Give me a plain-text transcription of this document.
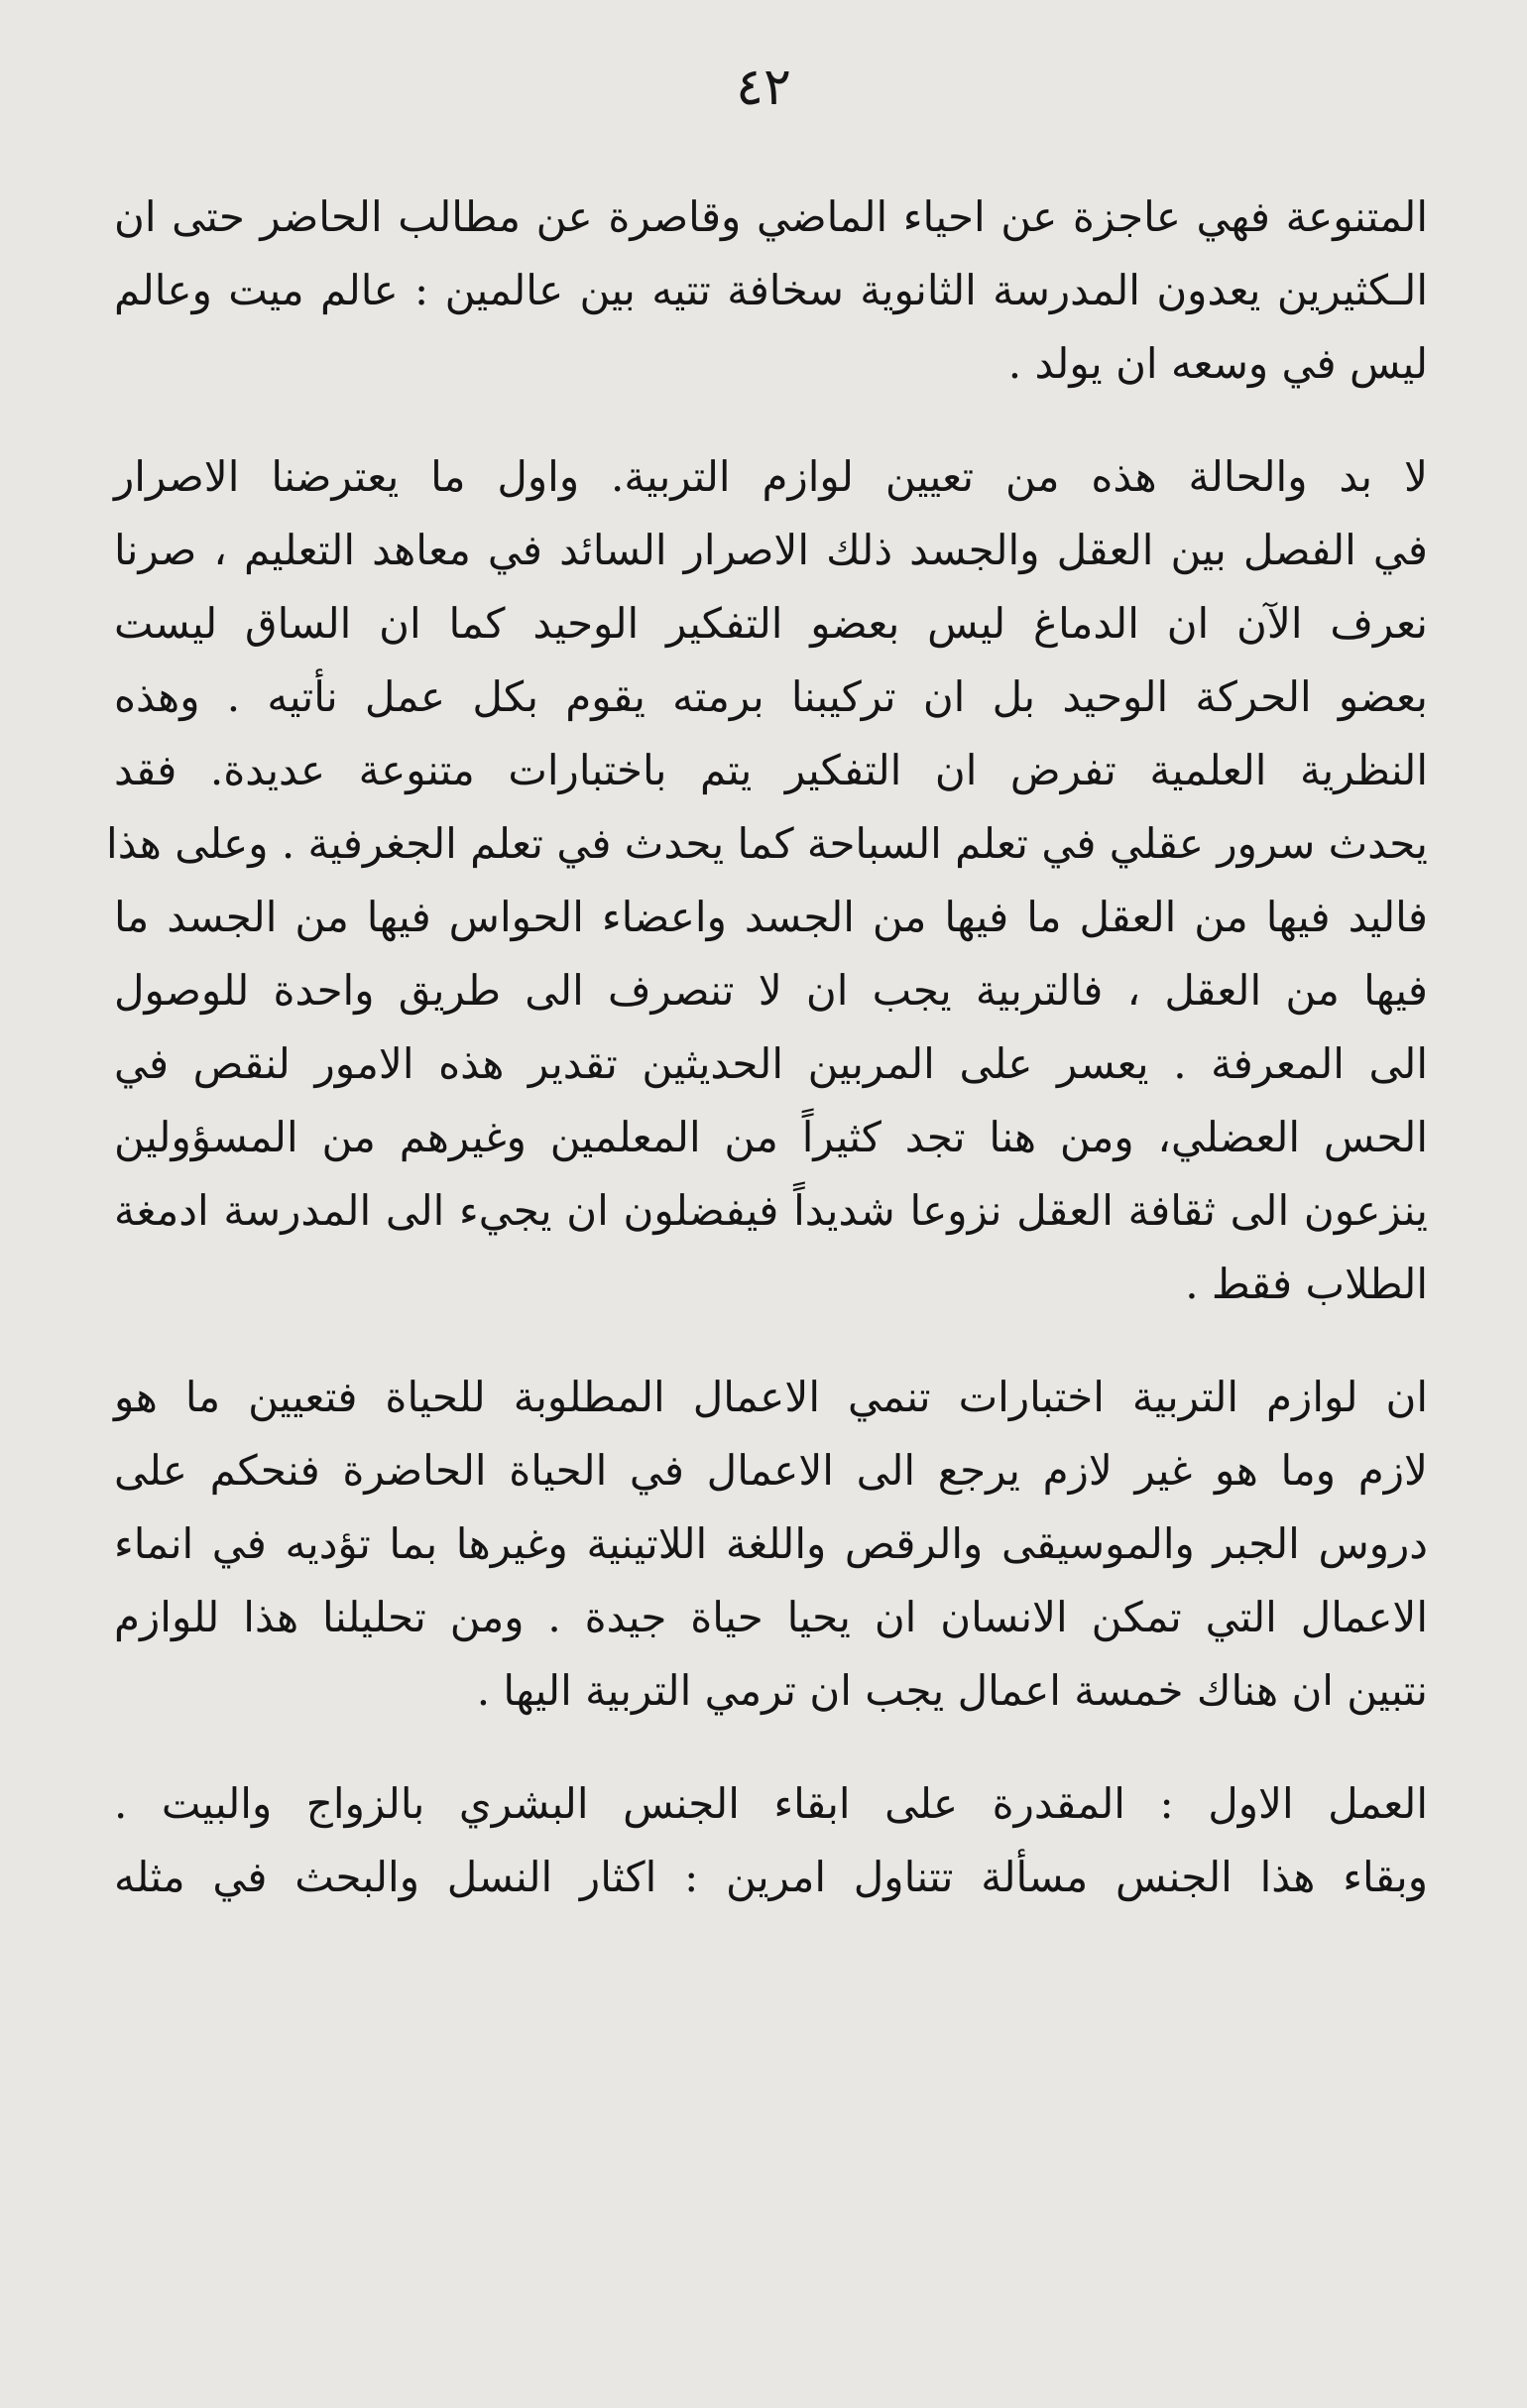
٤٢
المتنوعة فهي عاجزة عن احياء الماضي وقاصرة عن مطالب الحاضر حتى ان
الـكثيرين يعدون المدرسة الثانوية سخافة تتيه بين عالمين : عالم ميت وعالم
ليس في وسعه ان يولد .
لا بد والحالة هذه من تعيين لوازم التربية. واول ما يعترضنا الاصرار
في الفصل بين العقل والجسد ذلك الاصرار السائد في معاهد التعليم ، صرنا
نعرف الآن ان الدماغ ليس بعضو التفكير الوحيد كما ان الساق ليست
بعضو الحركة الوحيد بل ان تركيبنا برمته يقوم بكل عمل نأتيه . وهذه
النظرية العلمية تفرض ان التفكير يتم باختبارات متنوعة عديدة. فقد
يحدث سرور عقلي في تعلم السباحة كما يحدث في تعلم الجغرفية . وعلى هذا
فاليد فيها من العقل ما فيها من الجسد واعضاء الحواس فيها من الجسد ما
فيها من العقل ، فالتربية يجب ان لا تنصرف الى طريق واحدة للوصول
الى المعرفة . يعسر على المربين الحديثين تقدير هذه الامور لنقص في
الحس العضلي، ومن هنا تجد كثيراً من المعلمين وغيرهم من المسؤولين
ينزعون الى ثقافة العقل نزوعا شديداً فيفضلون ان يجيء الى المدرسة ادمغة
الطلاب فقط .
ان لوازم التربية اختبارات تنمي الاعمال المطلوبة للحياة فتعيين ما هو
لازم وما هو غير لازم يرجع الى الاعمال في الحياة الحاضرة فنحكم على
دروس الجبر والموسيقى والرقص واللغة اللاتينية وغيرها بما تؤديه في انماء
الاعمال التي تمكن الانسان ان يحيا حياة جيدة . ومن تحليلنا هذا للوازم
نتبين ان هناك خمسة اعمال يجب ان ترمي التربية اليها .
العمل الاول : المقدرة على ابقاء الجنس البشري بالزواج والبيت .
وبقاء هذا الجنس مسألة تتناول امرين : اكثار النسل والبحث في مثله
